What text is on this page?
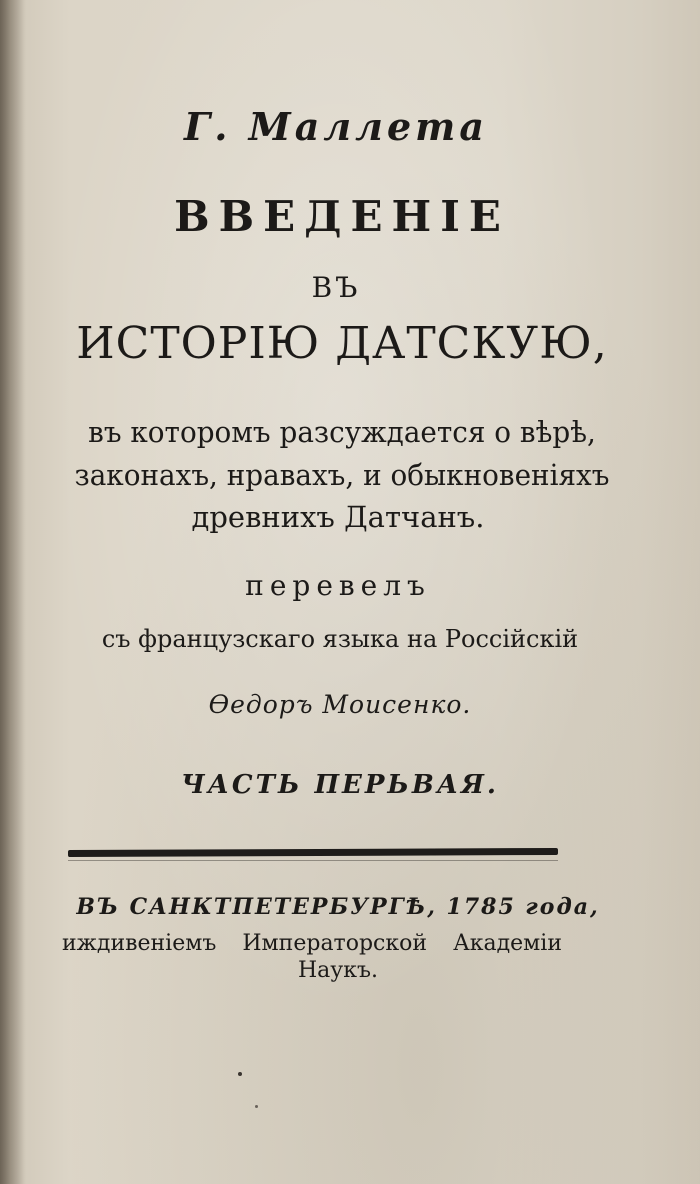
Г. Маллета
ВВЕДЕНІЕ
ВЪ
ИСТОРІЮ ДАТСКУЮ,
въ которомъ разсуждается о вѣрѣ,
законахъ, нравахъ, и обыкновеніяхъ
древнихъ Датчанъ.
перевелъ
съ французскаго языка на Россійскій
Өедоръ Моисенко.
ЧАСТЬ ПЕРЬВАЯ.
ВЪ САНКТПЕТЕРБУРГѢ, 1785 года,
иждивеніемъ Императорской Академіи
Наукъ.
